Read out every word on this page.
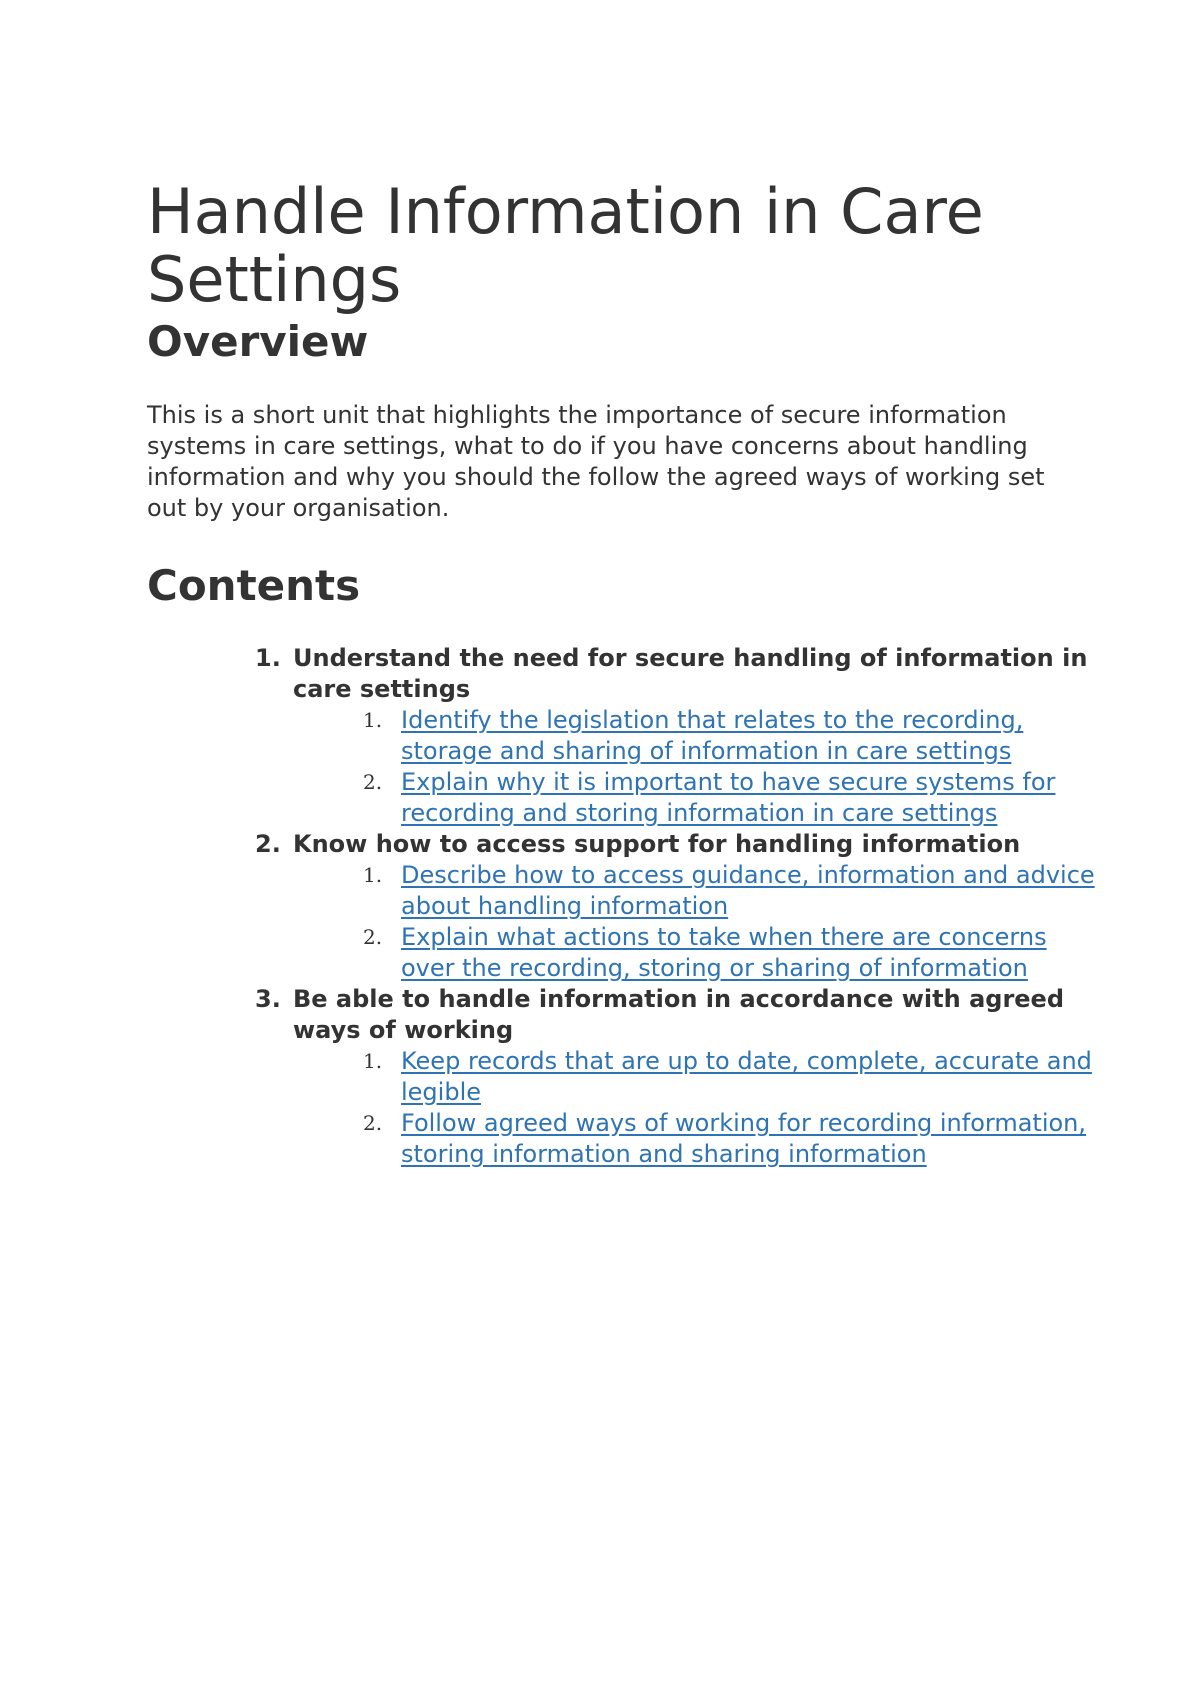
Handle Information in Care Settings
Overview

This is a short unit that highlights the importance of secure information systems in care settings, what to do if you have concerns about handling information and why you should the follow the agreed ways of working set out by your organisation.

Contents
1. Understand the need for secure handling of information in care settings
1. Identify the legislation that relates to the recording, storage and sharing of information in care settings
2. Explain why it is important to have secure systems for recording and storing information in care settings
2. Know how to access support for handling information
1. Describe how to access guidance, information and advice about handling information
2. Explain what actions to take when there are concerns over the recording, storing or sharing of information
3. Be able to handle information in accordance with agreed ways of working
1. Keep records that are up to date, complete, accurate and legible
2. Follow agreed ways of working for recording information, storing information and sharing information
